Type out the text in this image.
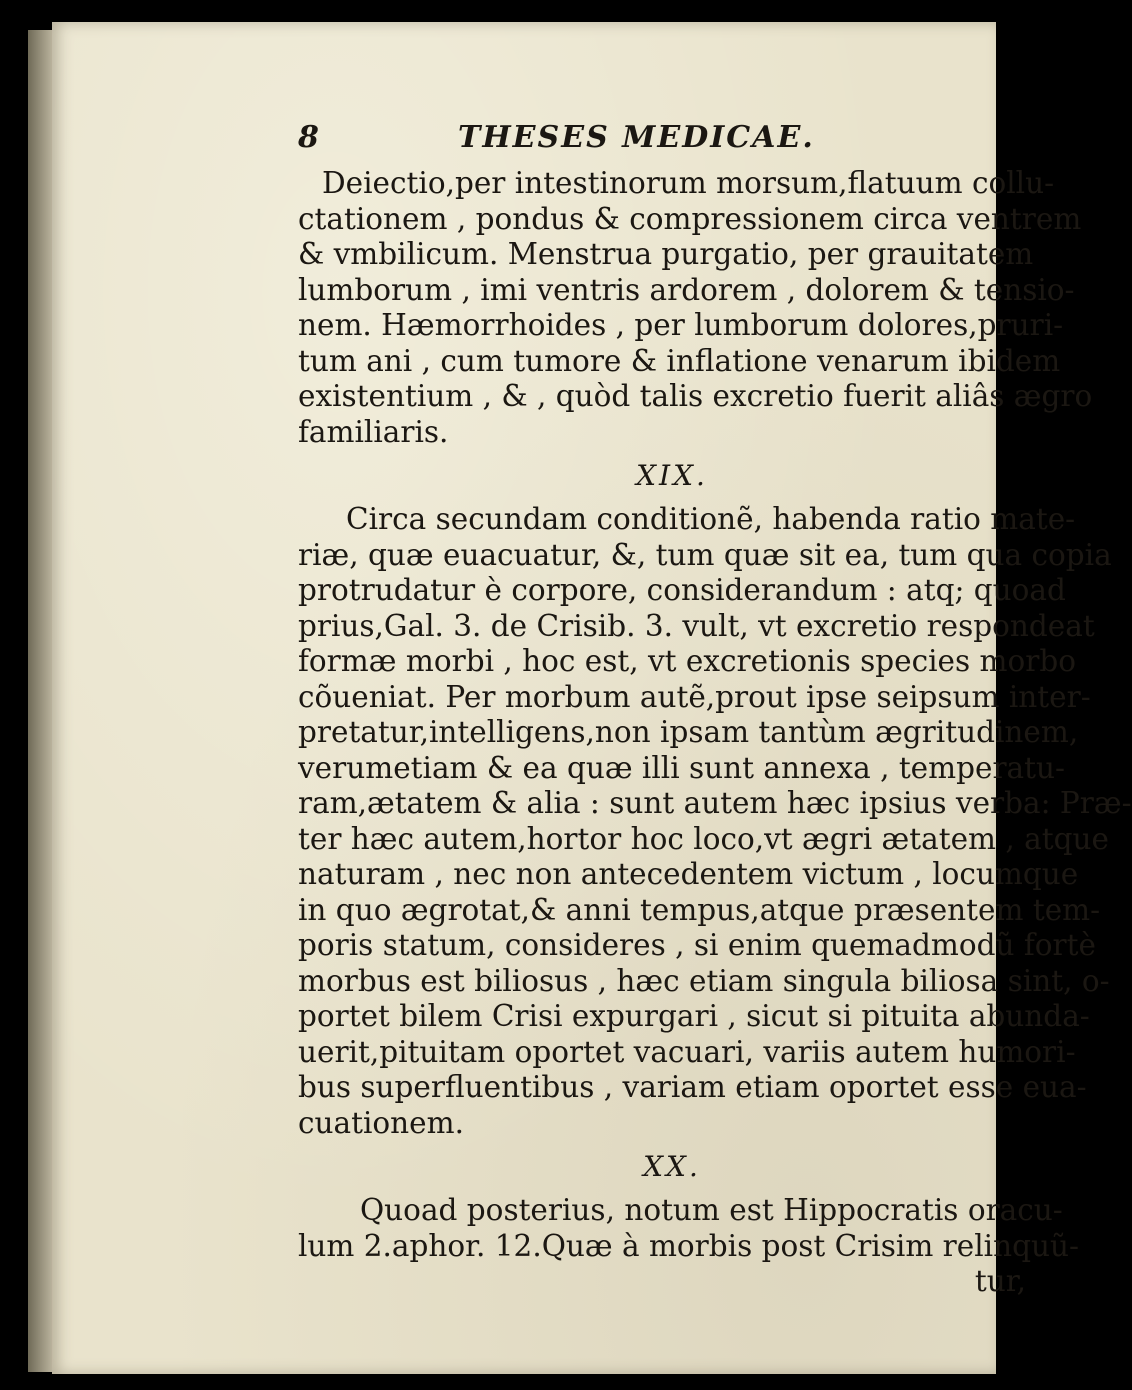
8	THESES MEDICAE.
Deiectio,per intestinorum morsum,flatuum collu-
ctationem , pondus & compressionem circa ventrem
& vmbilicum. Menstrua purgatio, per grauitatem
lumborum , imi ventris ardorem , dolorem & tensio-
nem. Hæmorrhoides , per lumborum dolores,pruri-
tum ani , cum tumore & inflatione venarum ibidem
existentium , & , quòd talis excretio fuerit aliâs ægro
familiaris.
XIX.
Circa secundam conditionẽ, habenda ratio mate-
riæ, quæ euacuatur, &, tum quæ sit ea, tum qua copia
protrudatur è corpore, considerandum : atq; quoad
prius,Gal. 3. de Crisib. 3. vult, vt excretio respondeat
formæ morbi , hoc est, vt excretionis species morbo
cõueniat. Per morbum autẽ,prout ipse seipsum inter-
pretatur,intelligens,non ipsam tantùm ægritudinem,
verumetiam & ea quæ illi sunt annexa , temperatu-
ram,ætatem & alia : sunt autem hæc ipsius verba: Præ-
ter hæc autem,hortor hoc loco,vt ægri ætatem , atque
naturam , nec non antecedentem victum , locumque
in quo ægrotat,& anni tempus,atque præsentem tem-
poris statum, consideres , si enim quemadmodũ fortè
morbus est biliosus , hæc etiam singula biliosa sint, o-
portet bilem Crisi expurgari , sicut si pituita abunda-
uerit,pituitam oportet vacuari, variis autem humori-
bus superfluentibus , variam etiam oportet esse eua-
cuationem.
XX.
Quoad posterius, notum est Hippocratis oracu-
lum 2.aphor. 12.Quæ à morbis post Crisim relinquũ-
tur,
